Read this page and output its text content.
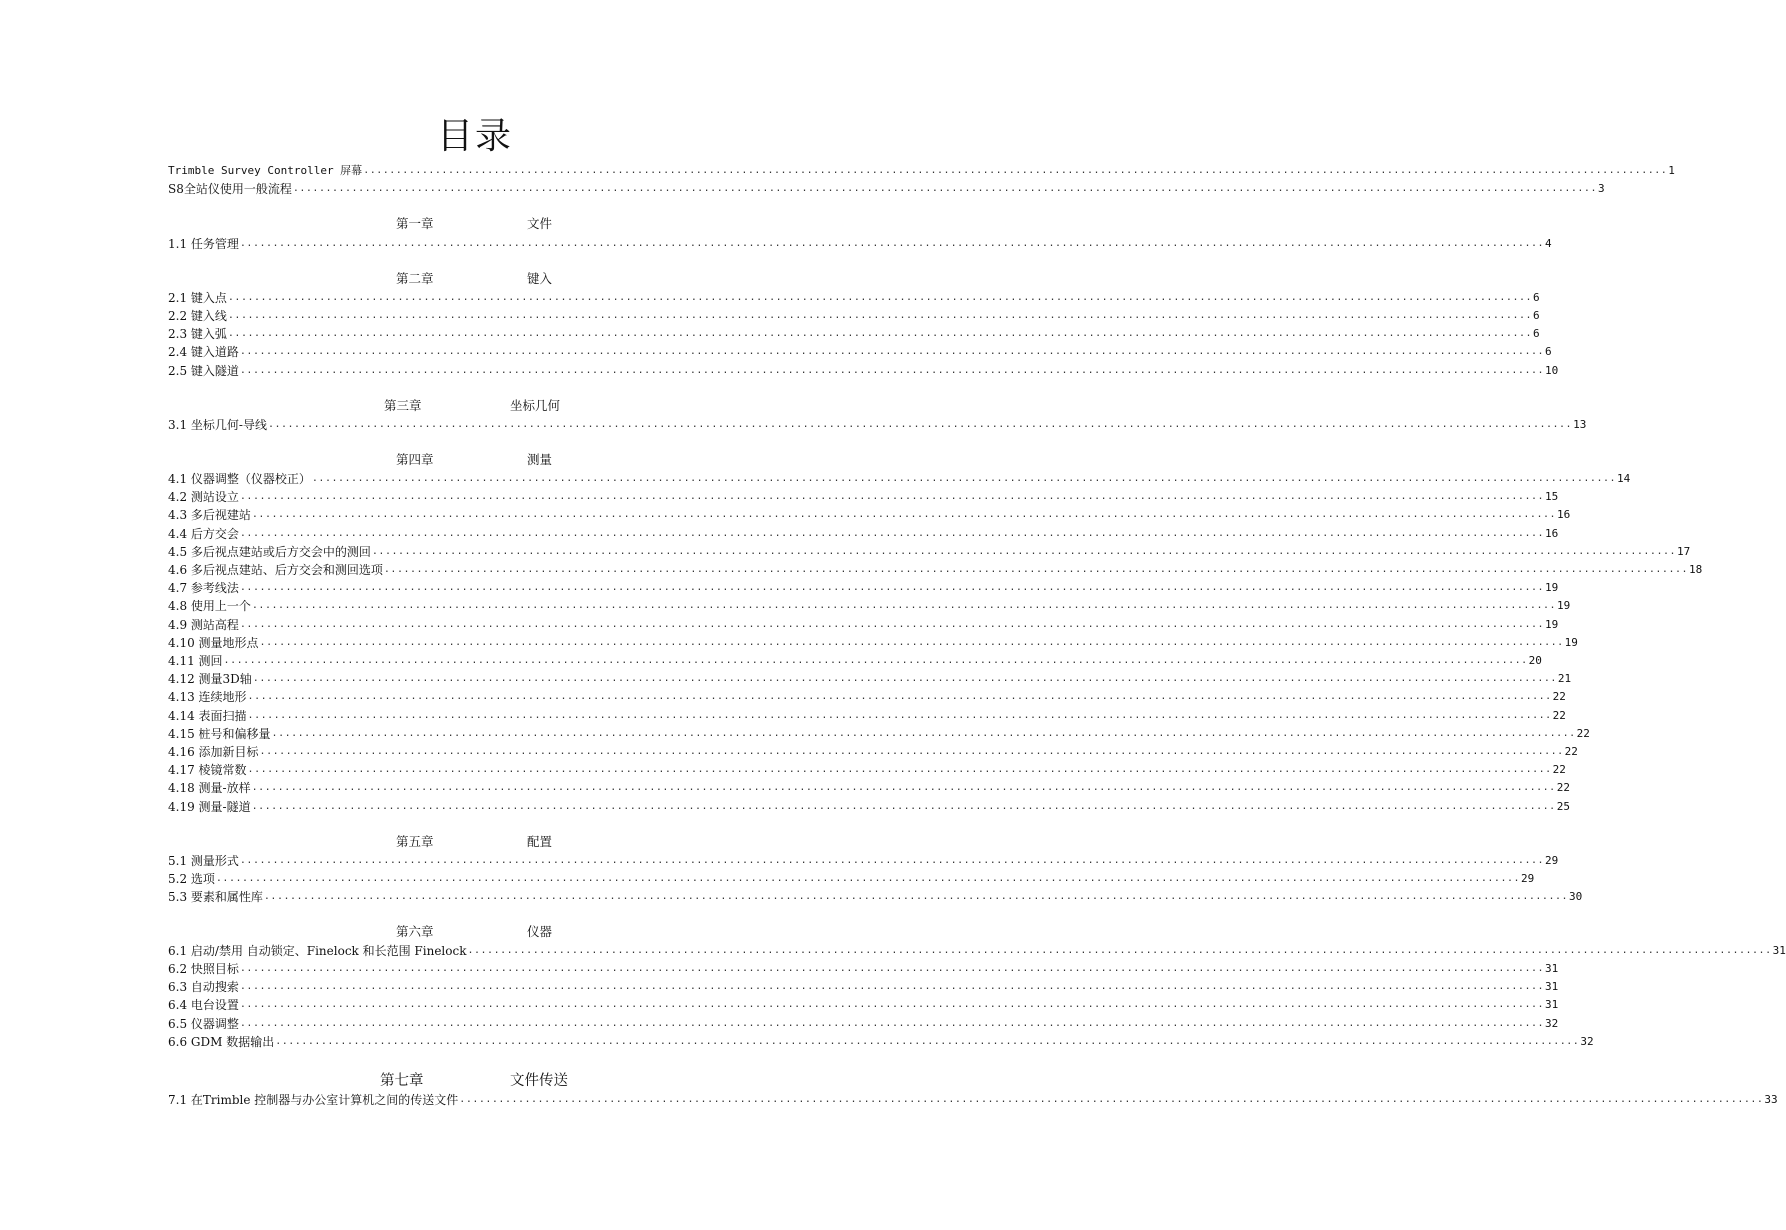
目录
Trimble Survey Controller 屏幕 ........................................................................................................................................................................................................ 1
S8全站仪使用一般流程 ........................................................................................................................................................................................................ 3
第一章	文件
1.1 任务管理 ........................................................................................................................................................................................................ 4
第二章	键入
2.1 键入点 ........................................................................................................................................................................................................ 6
2.2 键入线 ........................................................................................................................................................................................................ 6
2.3 键入弧 ........................................................................................................................................................................................................ 6
2.4 键入道路 ........................................................................................................................................................................................................ 6
2.5 键入隧道 ........................................................................................................................................................................................................ 10
第三章	坐标几何
3.1 坐标几何-导线 ........................................................................................................................................................................................................ 13
第四章	测量
4.1 仪器调整（仪器校正） ........................................................................................................................................................................................................ 14
4.2 测站设立 ........................................................................................................................................................................................................ 15
4.3 多后视建站 ........................................................................................................................................................................................................ 16
4.4 后方交会 ........................................................................................................................................................................................................ 16
4.5 多后视点建站或后方交会中的测回 ........................................................................................................................................................................................................ 17
4.6 多后视点建站、后方交会和测回选项 ........................................................................................................................................................................................................ 18
4.7 参考线法 ........................................................................................................................................................................................................ 19
4.8 使用上一个 ........................................................................................................................................................................................................ 19
4.9 测站高程 ........................................................................................................................................................................................................ 19
4.10 测量地形点 ........................................................................................................................................................................................................ 19
4.11 测回 ........................................................................................................................................................................................................ 20
4.12 测量3D轴 ........................................................................................................................................................................................................ 21
4.13 连续地形 ........................................................................................................................................................................................................ 22
4.14 表面扫描 ........................................................................................................................................................................................................ 22
4.15 桩号和偏移量 ........................................................................................................................................................................................................ 22
4.16 添加新目标 ........................................................................................................................................................................................................ 22
4.17 棱镜常数 ........................................................................................................................................................................................................ 22
4.18 测量-放样 ........................................................................................................................................................................................................ 22
4.19 测量-隧道 ........................................................................................................................................................................................................ 25
第五章	配置
5.1 测量形式 ........................................................................................................................................................................................................ 29
5.2 选项 ........................................................................................................................................................................................................ 29
5.3 要素和属性库 ........................................................................................................................................................................................................ 30
第六章	仪器
6.1 启动/禁用 自动锁定、Finelock 和长范围 Finelock ........................................................................................................................................................................................................ 31
6.2 快照目标 ........................................................................................................................................................................................................ 31
6.3 自动搜索 ........................................................................................................................................................................................................ 31
6.4 电台设置 ........................................................................................................................................................................................................ 31
6.5 仪器调整 ........................................................................................................................................................................................................ 32
6.6 GDM 数据输出 ........................................................................................................................................................................................................ 32
第七章	文件传送
7.1 在Trimble 控制器与办公室计算机之间的传送文件 ........................................................................................................................................................................................................ 33
